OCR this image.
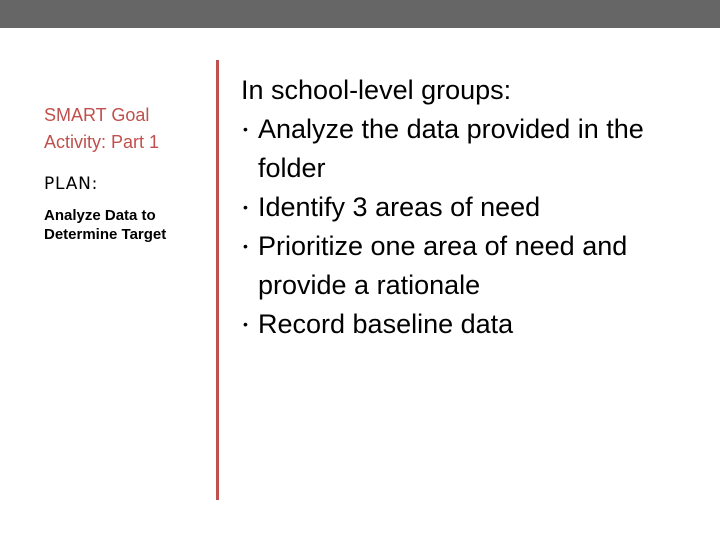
SMART Goal Activity: Part 1
PLAN:
Analyze Data to Determine Target

In school-level groups:

• Analyze the data provided in the folder
• Identify 3 areas of need
• Prioritize one area of need and provide a rationale
• Record baseline data
